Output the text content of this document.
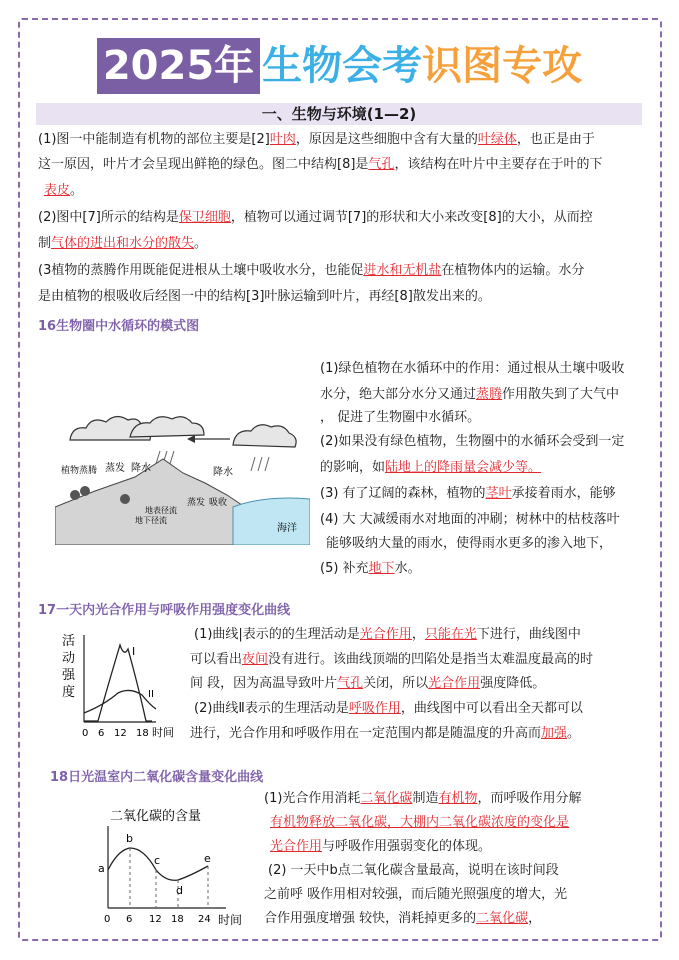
2025年 生物会考识图专攻
一、生物与环境(1—2)
(1)图一中能制造有机物的部位主要是[2]叶肉，原因是这些细胞中含有大量的叶绿体，也正是由于
这一原因，叶片才会呈现出鲜艳的绿色。图二中结构[8]是气孔，该结构在叶片中主要存在于叶的下
表皮。
(2)图中[7]所示的结构是保卫细胞，植物可以通过调节[7]的形状和大小来改变[8]的大小，从而控
制气体的进出和水分的散失。
(3植物的蒸腾作用既能促进根从土壤中吸收水分，也能促进水和无机盐在植物体内的运输。水分
是由植物的根吸收后经图一中的结构[3]叶脉运输到叶片，再经[8]散发出来的。
16生物圈中水循环的模式图
植物蒸腾 蒸发 降水	降水
蒸发 吸收
地表径流
地下径流
海洋
(1)绿色植物在水循环中的作用：通过根从土壤中吸收
水分，绝大部分水分又通过蒸腾作用散失到了大气中
， 促进了生物圈中水循环。
(2)如果没有绿色植物，生物圈中的水循环会受到一定
的影响，如陆地上的降雨量会减少等。
(3) 有了辽阔的森林，植物的茎叶承接着雨水，能够
(4) 大 大减缓雨水对地面的冲刷；树林中的枯枝落叶
能够吸纳大量的雨水，使得雨水更多的渗入地下，
(5) 补充地下水。
17一天内光合作用与呼吸作用强度变化曲线
活
动
强
度
I
II
0 6 12 18 时间
(1)曲线|表示的的生理活动是光合作用，只能在光下进行，曲线图中
可以看出夜间没有进行。该曲线顶端的凹陷处是指当太难温度最高的时
间 段，因为高温导致叶片气孔关闭，所以光合作用强度降低。
(2)曲线Ⅱ表示的生理活动是呼吸作用，曲线图中可以看出全天都可以
进行，光合作用和呼吸作用在一定范围内都是随温度的升高而加强。
18日光温室内二氧化碳含量变化曲线
二氧化碳的含量
a
b
c
d
e
0 6 12 18 24 时间
(1)光合作用消耗二氧化碳制造有机物，而呼吸作用分解
有机物释放二氧化碳，大棚内二氧化碳浓度的变化是
光合作用与呼吸作用强弱变化的体现。
(2) 一天中b点二氧化碳含量最高，说明在该时间段
之前呼 吸作用相对较强，而后随光照强度的增大，光
合作用强度增强 较快，消耗掉更多的二氧化碳，
